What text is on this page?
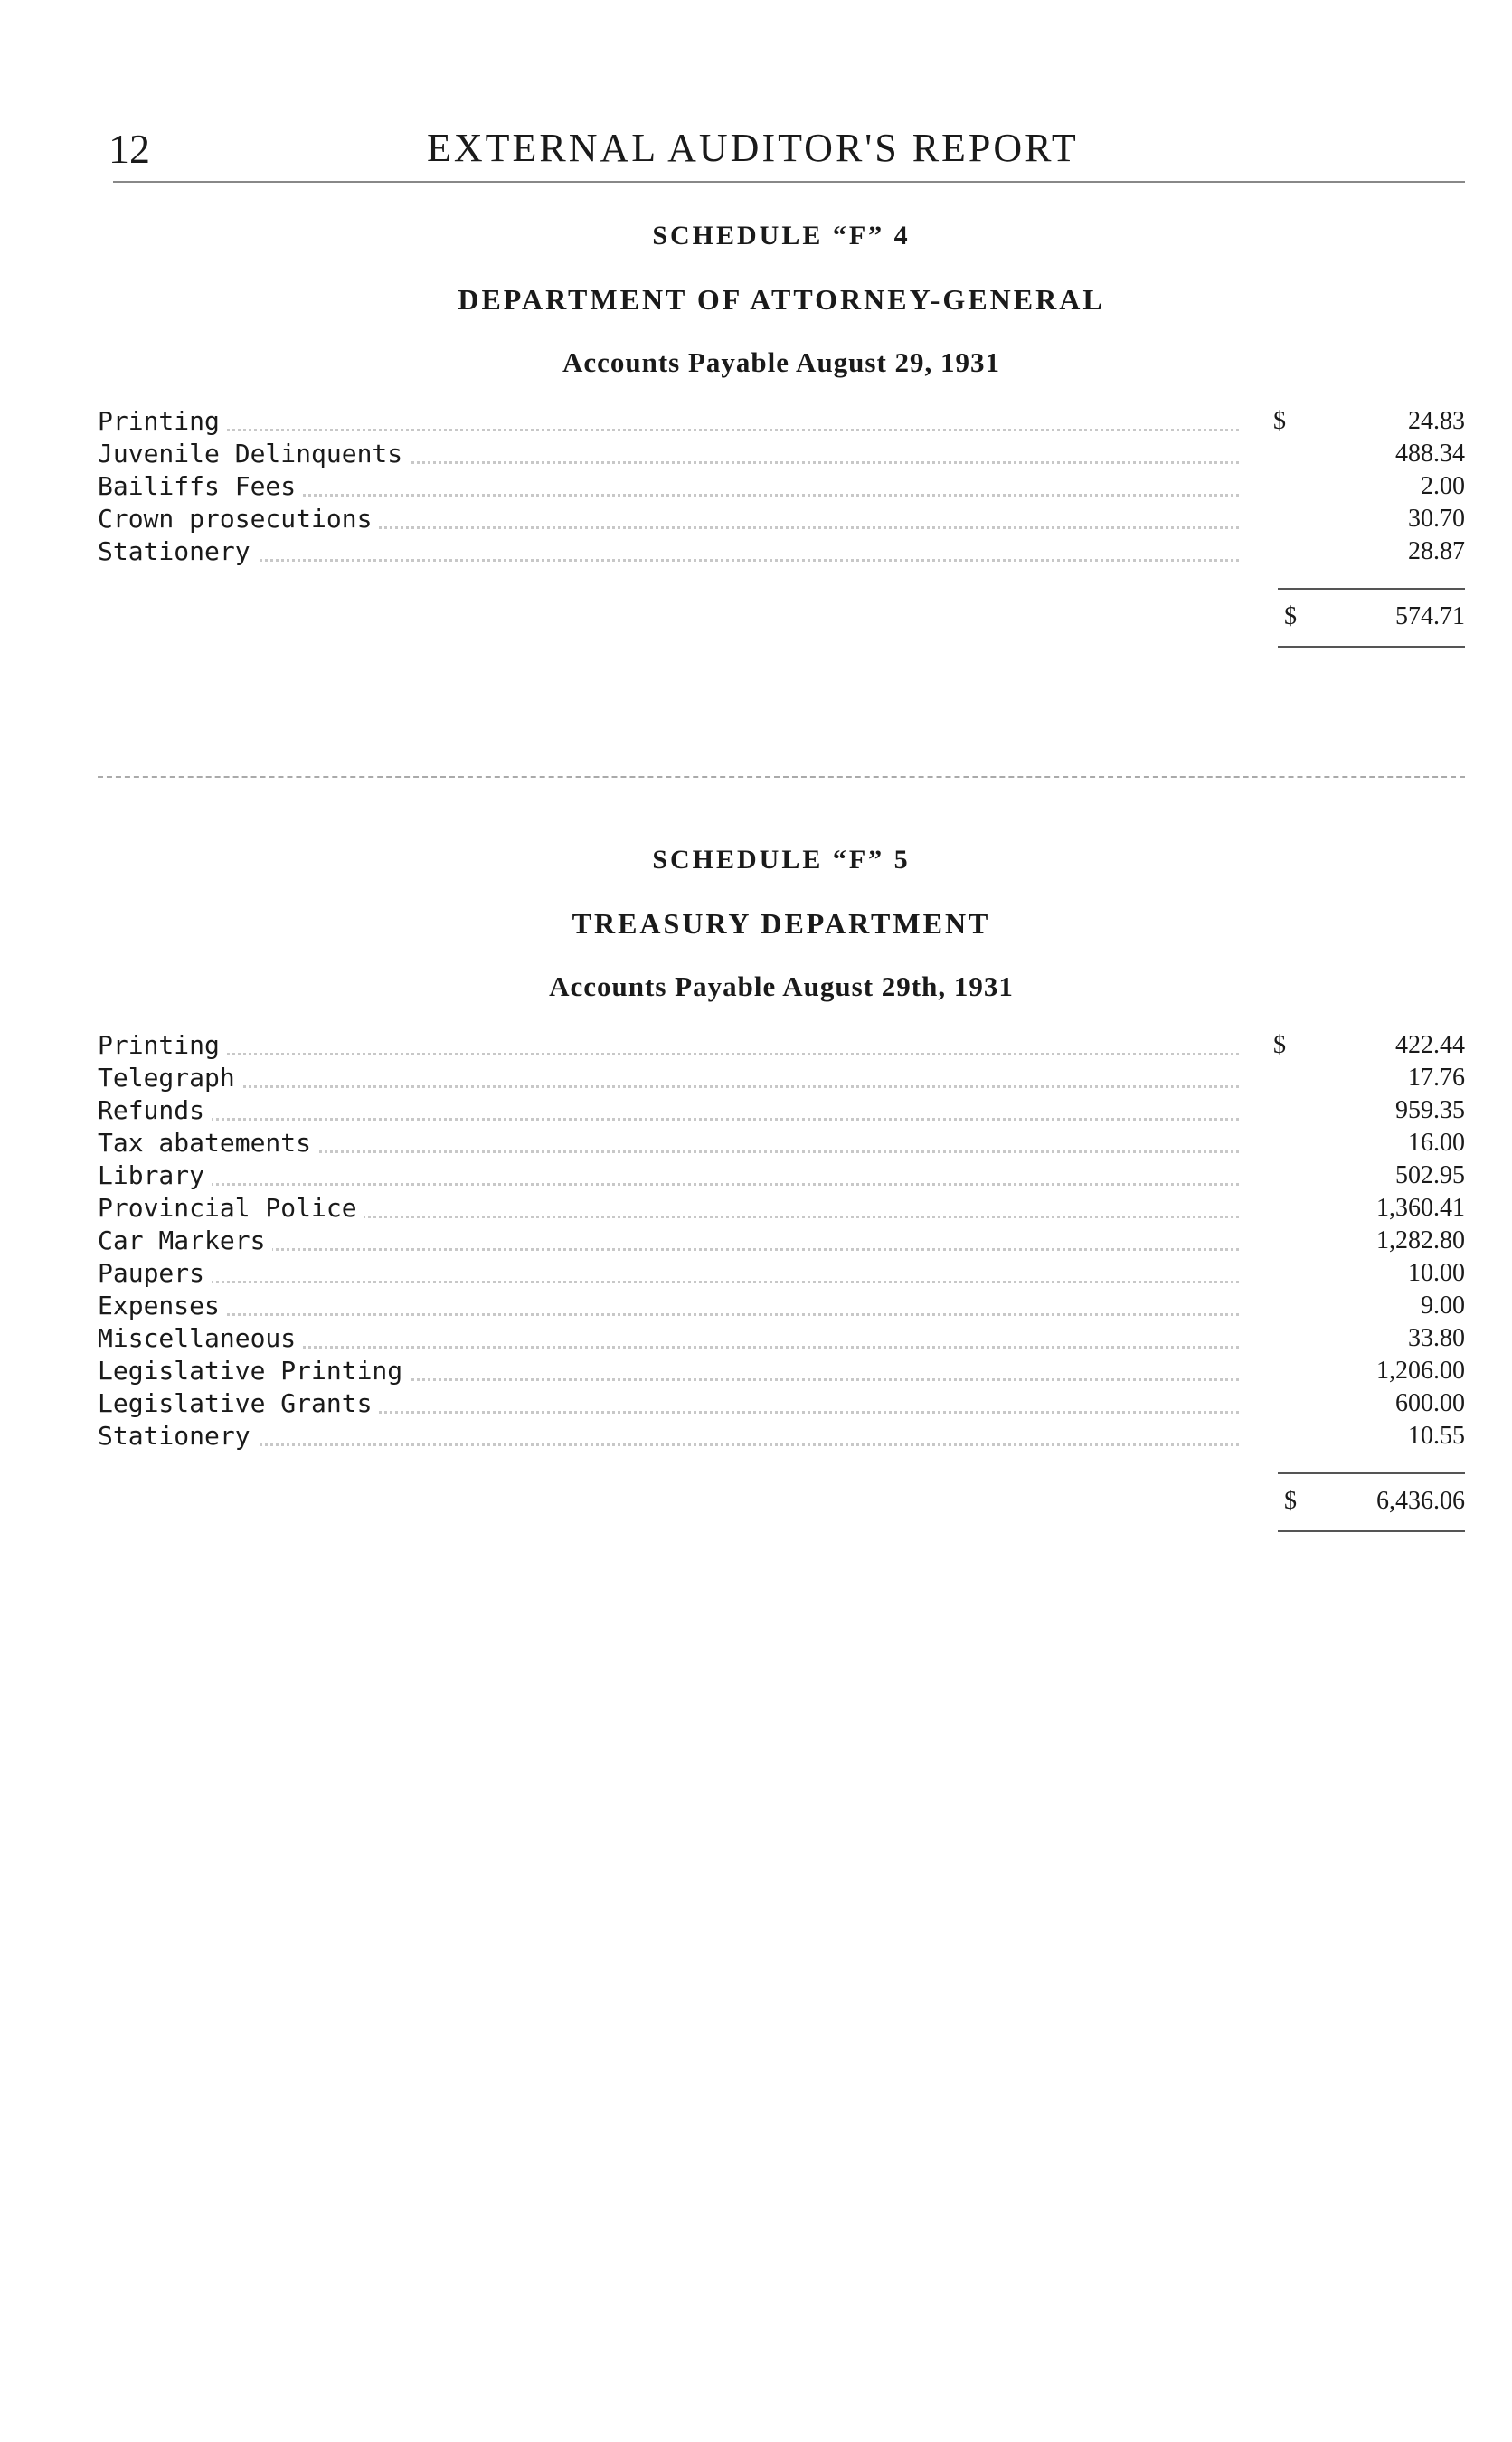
12	EXTERNAL AUDITOR'S REPORT
SCHEDULE “F” 4
DEPARTMENT OF ATTORNEY-GENERAL
Accounts Payable August 29, 1931
Printing	$	24.83
Juvenile Delinquents	488.34
Bailiffs Fees	2.00
Crown prosecutions	30.70
Stationery	28.87
$	574.71
SCHEDULE “F” 5
TREASURY DEPARTMENT
Accounts Payable August 29th, 1931
Printing	$	422.44
Telegraph	17.76
Refunds	959.35
Tax abatements	16.00
Library	502.95
Provincial Police	1,360.41
Car Markers	1,282.80
Paupers	10.00
Expenses	9.00
Miscellaneous	33.80
Legislative Printing	1,206.00
Legislative Grants	600.00
Stationery	10.55
$	6,436.06
